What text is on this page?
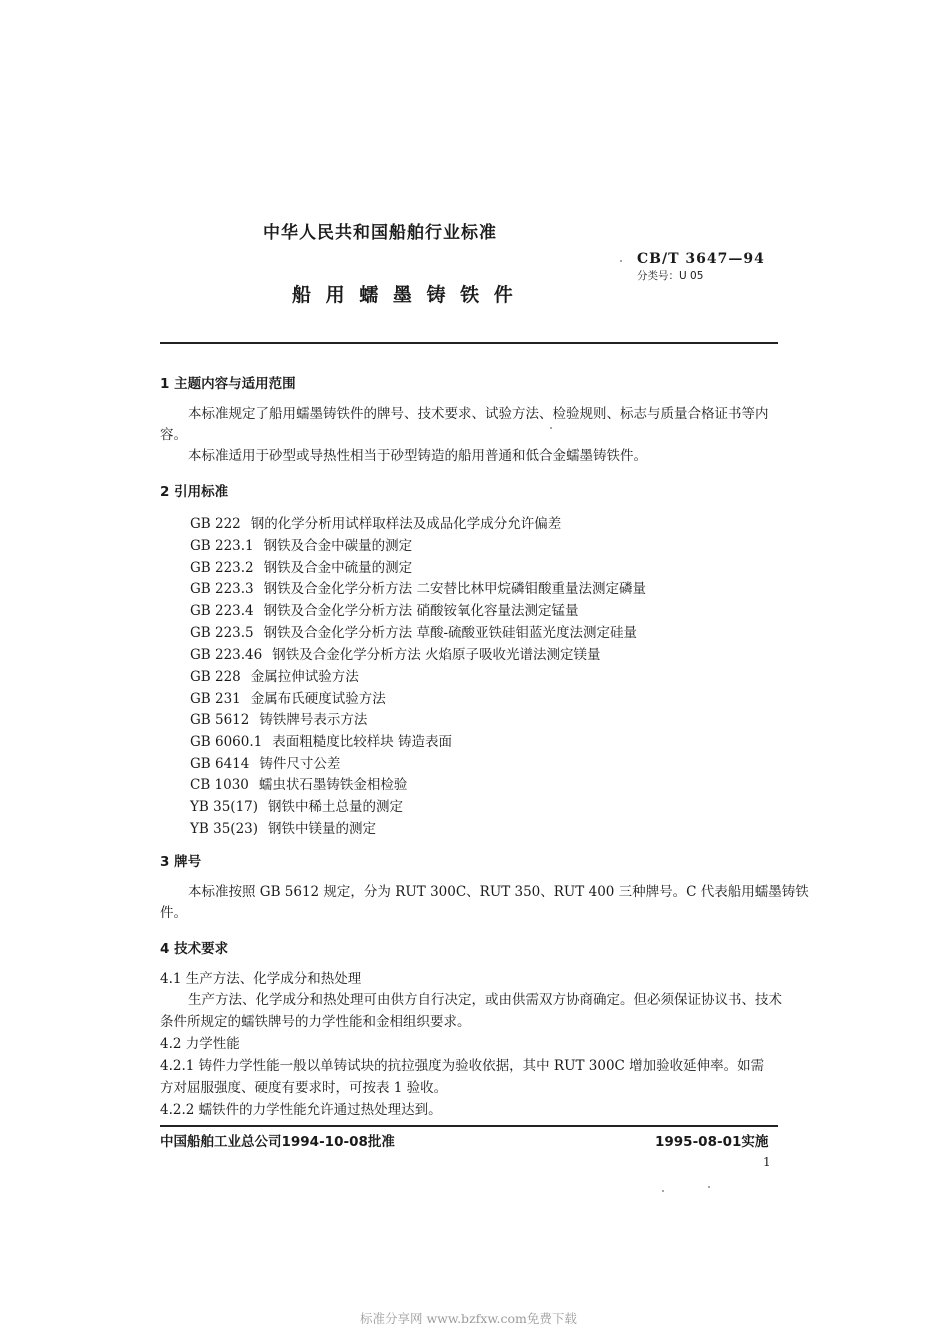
中华人民共和国船舶行业标准
CB/T 3647—94
分类号：U 05
船 用 蠕 墨 铸 铁 件
1 主题内容与适用范围
本标准规定了船用蠕墨铸铁件的牌号、技术要求、试验方法、检验规则、标志与质量合格证书等内
容。
本标准适用于砂型或导热性相当于砂型铸造的船用普通和低合金蠕墨铸铁件。
2 引用标准
GB 222 钢的化学分析用试样取样法及成品化学成分允许偏差
GB 223.1 钢铁及合金中碳量的测定
GB 223.2 钢铁及合金中硫量的测定
GB 223.3 钢铁及合金化学分析方法 二安替比林甲烷磷钼酸重量法测定磷量
GB 223.4 钢铁及合金化学分析方法 硝酸铵氧化容量法测定锰量
GB 223.5 钢铁及合金化学分析方法 草酸-硫酸亚铁硅钼蓝光度法测定硅量
GB 223.46 钢铁及合金化学分析方法 火焰原子吸收光谱法测定镁量
GB 228 金属拉伸试验方法
GB 231 金属布氏硬度试验方法
GB 5612 铸铁牌号表示方法
GB 6060.1 表面粗糙度比较样块 铸造表面
GB 6414 铸件尺寸公差
CB 1030 蠕虫状石墨铸铁金相检验
YB 35(17) 钢铁中稀土总量的测定
YB 35(23) 钢铁中镁量的测定
3 牌号
本标准按照 GB 5612 规定，分为 RUT 300C、RUT 350、RUT 400 三种牌号。C 代表船用蠕墨铸铁
件。
4 技术要求
4.1 生产方法、化学成分和热处理
生产方法、化学成分和热处理可由供方自行决定，或由供需双方协商确定。但必须保证协议书、技术
条件所规定的蠕铁牌号的力学性能和金相组织要求。
4.2 力学性能
4.2.1 铸件力学性能一般以单铸试块的抗拉强度为验收依据，其中 RUT 300C 增加验收延伸率。如需
方对屈服强度、硬度有要求时，可按表 1 验收。
4.2.2 蠕铁件的力学性能允许通过热处理达到。
中国船舶工业总公司1994-10-08批准	1995-08-01实施
1
标准分享网 www.bzfxw.com免费下载
